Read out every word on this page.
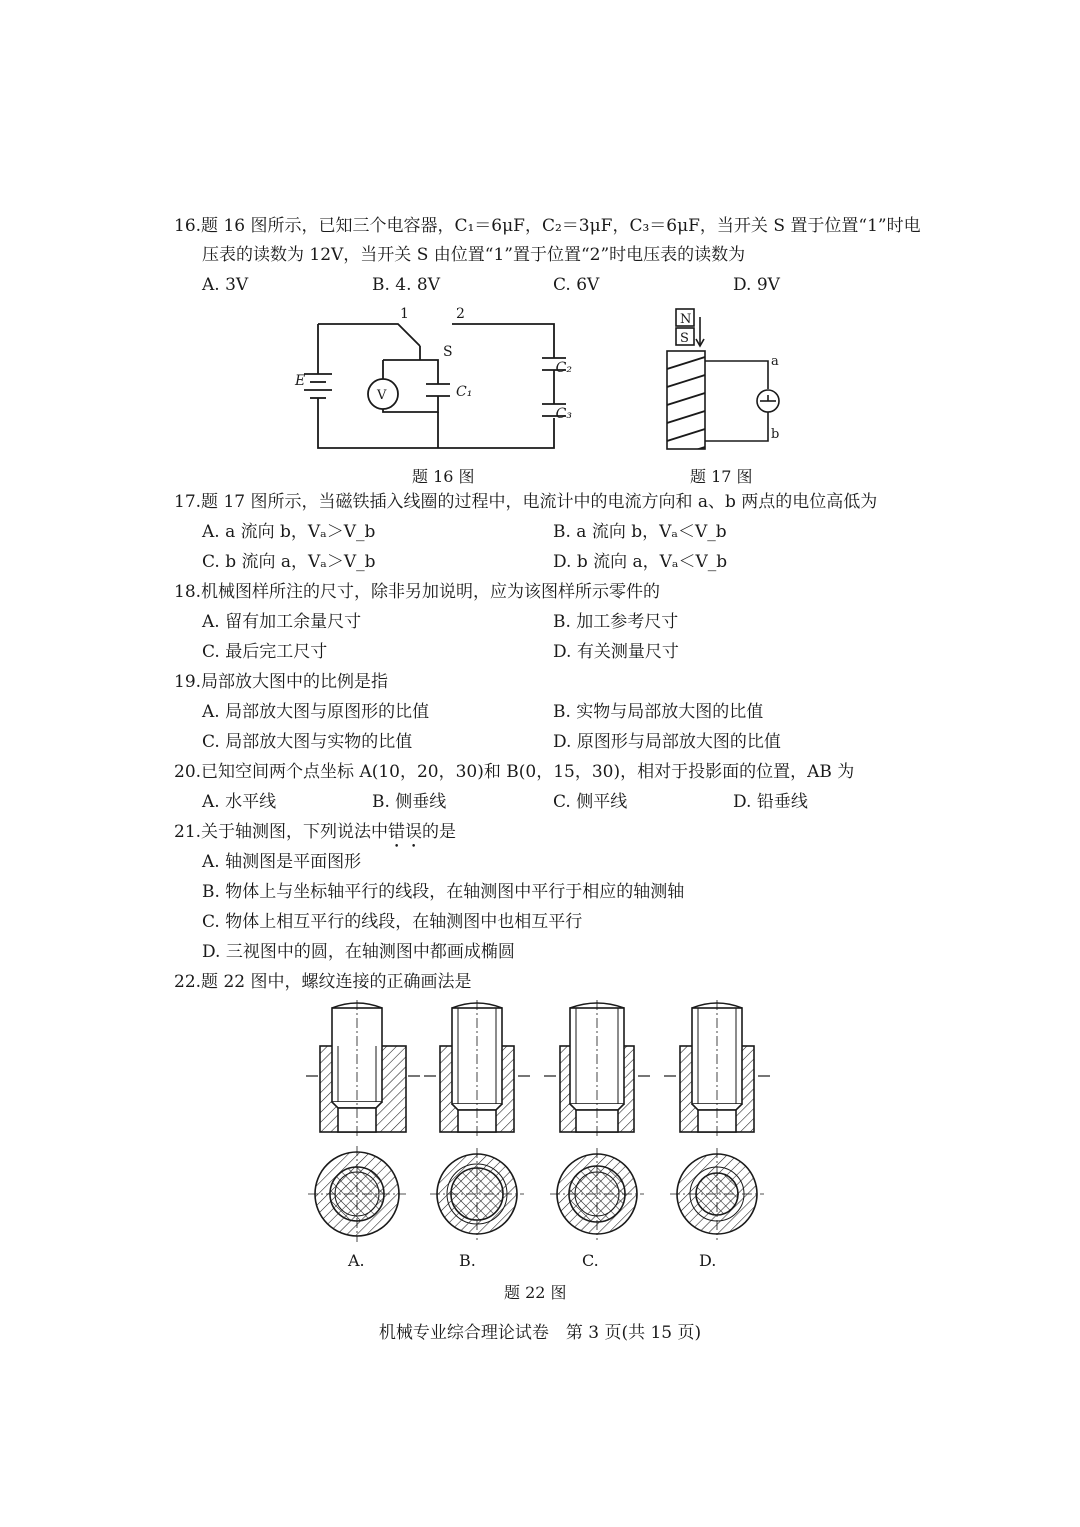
16.题 16 图所示，已知三个电容器，C₁＝6μF，C₂＝3μF，C₃＝6μF，当开关 S 置于位置“1”时电
压表的读数为 12V，当开关 S 由位置“1”置于位置“2”时电压表的读数为
A. 3V	B. 4. 8V	C. 6V	D. 9V
1	2
S
E
V	C₁
C₂
C₃
题 16 图
N
S
a
b
题 17 图
17.题 17 图所示，当磁铁插入线圈的过程中，电流计中的电流方向和 a、b 两点的电位高低为
A. a 流向 b，Vₐ＞V_b	B. a 流向 b，Vₐ＜V_b
C. b 流向 a，Vₐ＞V_b	D. b 流向 a，Vₐ＜V_b
18.机械图样所注的尺寸，除非另加说明，应为该图样所示零件的
A. 留有加工余量尺寸	B. 加工参考尺寸
C. 最后完工尺寸	D. 有关测量尺寸
19.局部放大图中的比例是指
A. 局部放大图与原图形的比值	B. 实物与局部放大图的比值
C. 局部放大图与实物的比值	D. 原图形与局部放大图的比值
20.已知空间两个点坐标 A(10，20，30)和 B(0，15，30)，相对于投影面的位置，AB 为
A. 水平线	B. 侧垂线	C. 侧平线	D. 铅垂线
21.关于轴测图，下列说法中错误的是
A. 轴测图是平面图形
B. 物体上与坐标轴平行的线段，在轴测图中平行于相应的轴测轴
C. 物体上相互平行的线段，在轴测图中也相互平行
D. 三视图中的圆，在轴测图中都画成椭圆
22.题 22 图中，螺纹连接的正确画法是
A.	B.	C.	D.
题 22 图
机械专业综合理论试卷　第 3 页(共 15 页)
